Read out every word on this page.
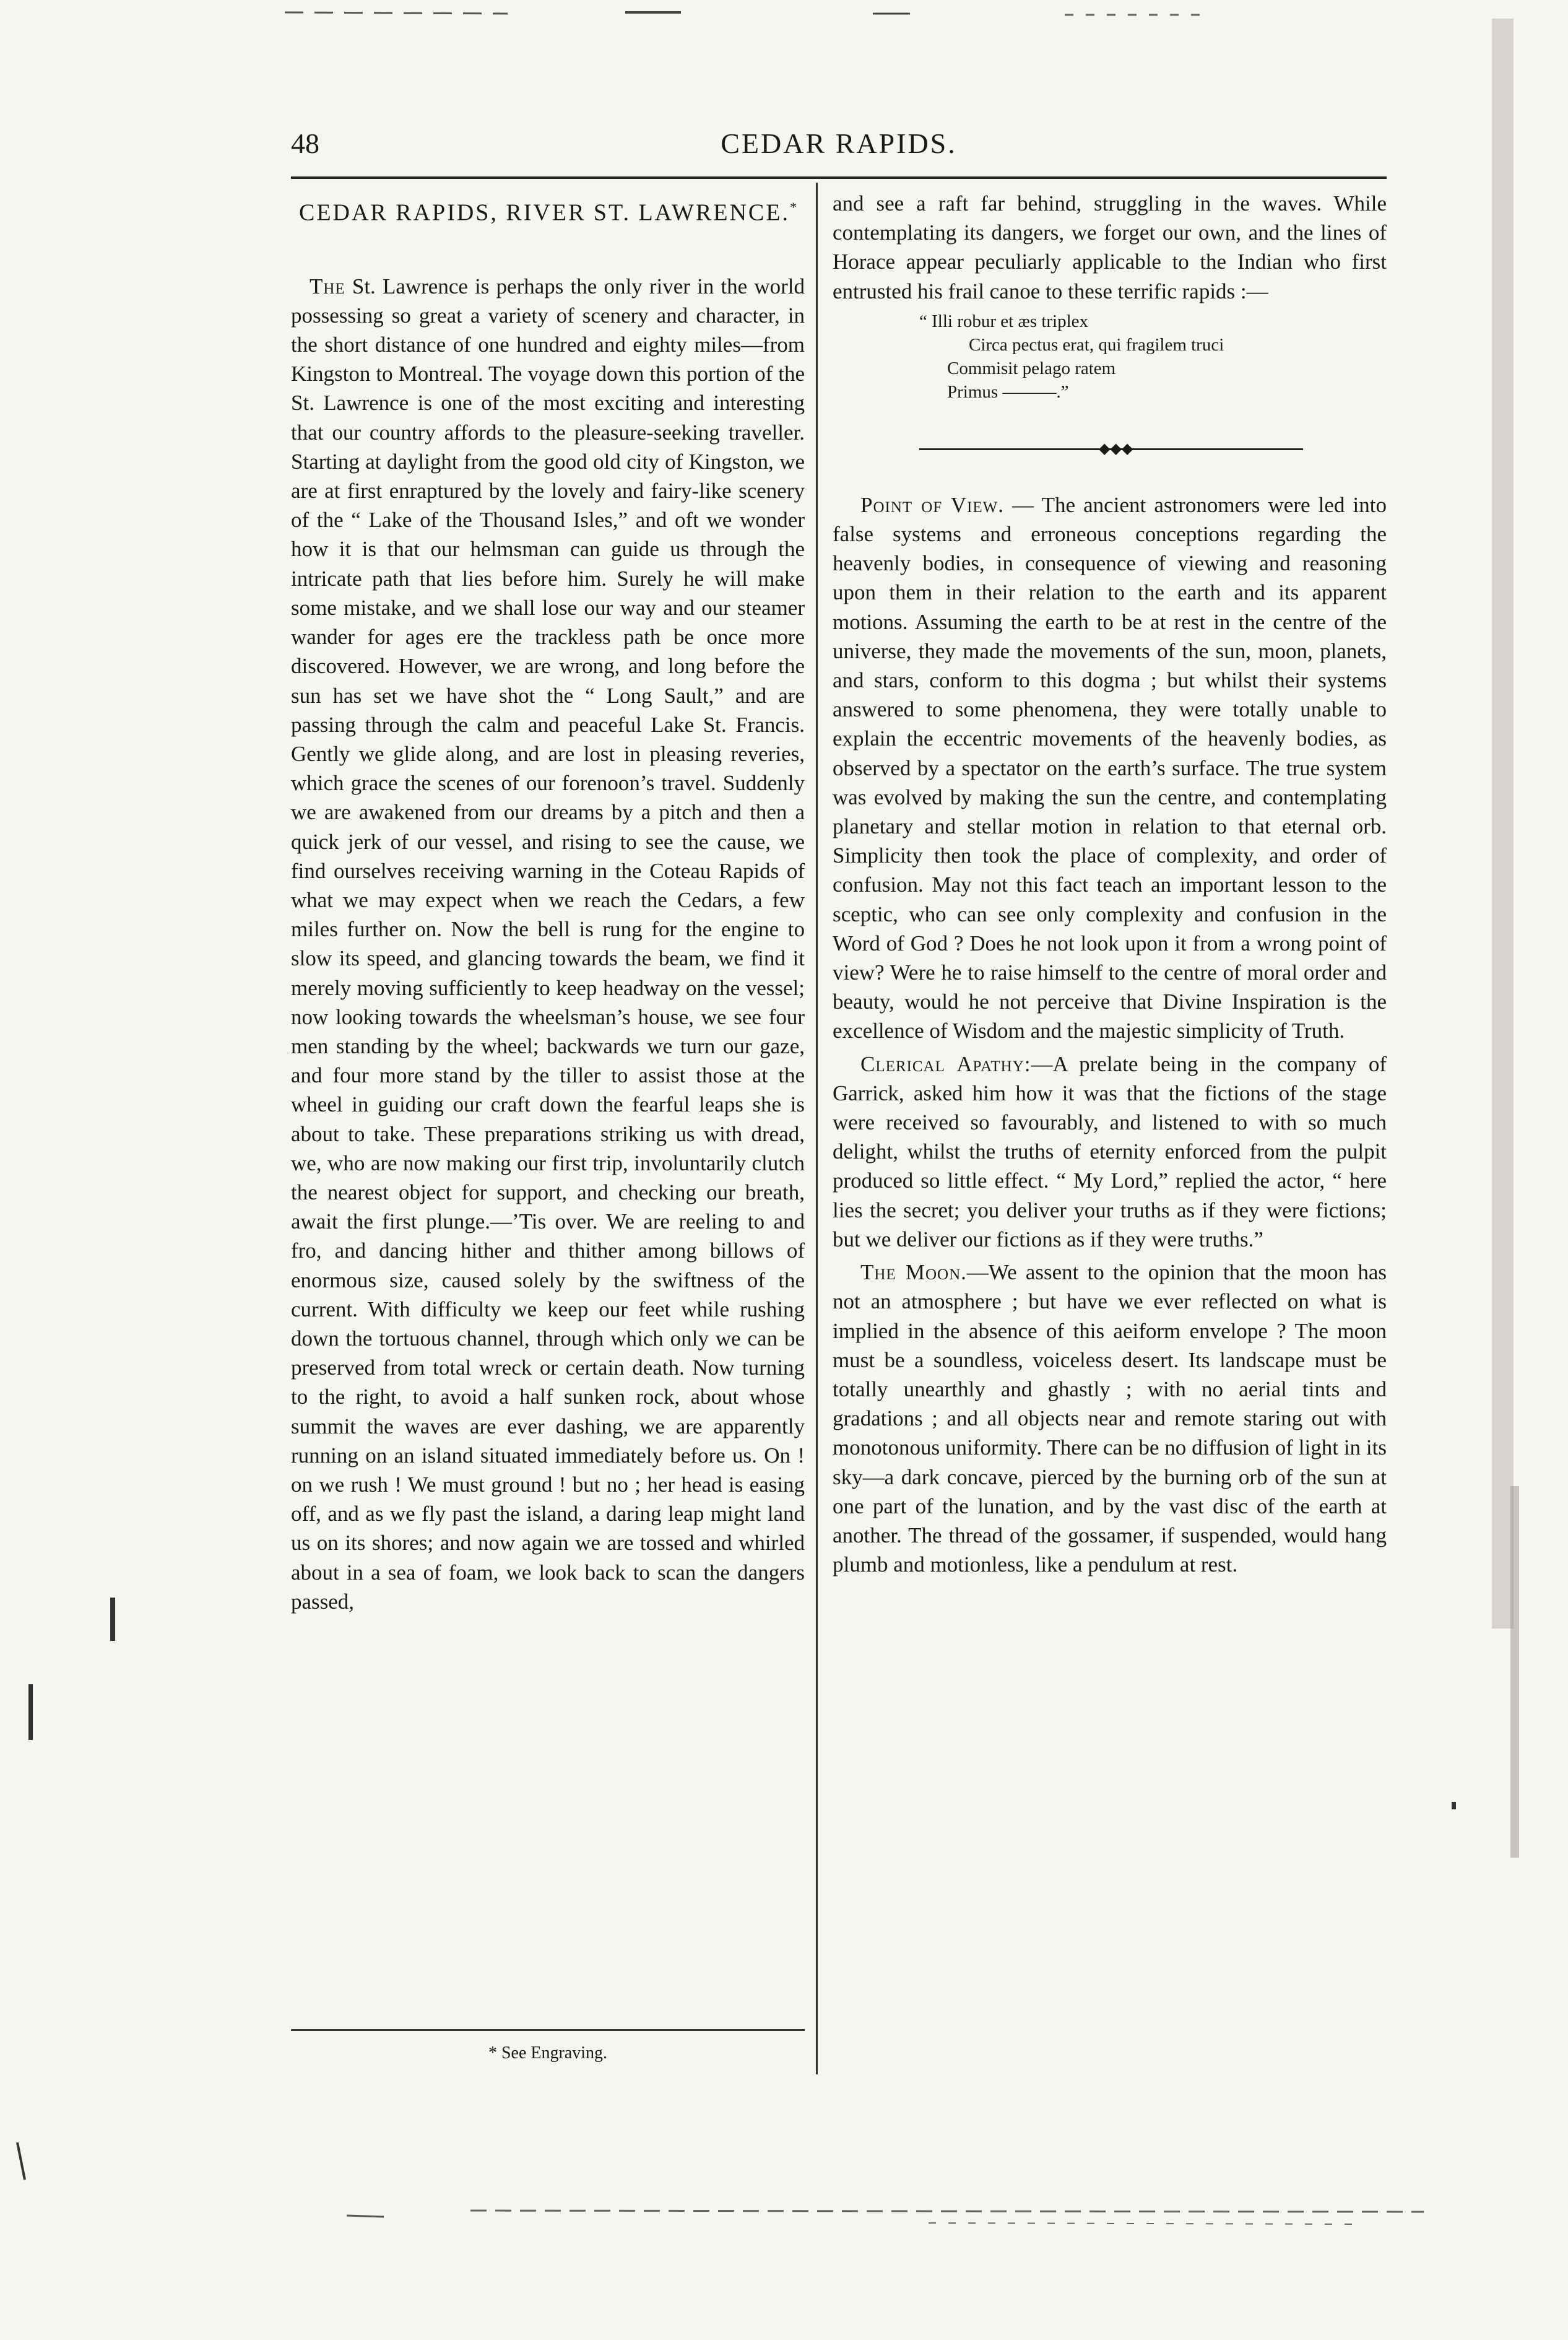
48	CEDAR RAPIDS.
CEDAR RAPIDS, RIVER ST. LAWRENCE.*

The St. Lawrence is perhaps the only river in the world possessing so great a variety of scenery and character, in the short distance of one hundred and eighty miles—from Kingston to Montreal. The voyage down this portion of the St. Lawrence is one of the most exciting and interesting that our country affords to the pleasure-seeking traveller. Starting at daylight from the good old city of Kingston, we are at first enraptured by the lovely and fairy-like scenery of the “ Lake of the Thousand Isles,” and oft we wonder how it is that our helmsman can guide us through the intricate path that lies before him. Surely he will make some mistake, and we shall lose our way and our steamer wander for ages ere the trackless path be once more discovered. However, we are wrong, and long before the sun has set we have shot the “ Long Sault,” and are passing through the calm and peaceful Lake St. Francis. Gently we glide along, and are lost in pleasing reveries, which grace the scenes of our forenoon’s travel. Suddenly we are awakened from our dreams by a pitch and then a quick jerk of our vessel, and rising to see the cause, we find ourselves receiving warning in the Coteau Rapids of what we may expect when we reach the Cedars, a few miles further on. Now the bell is rung for the engine to slow its speed, and glancing towards the beam, we find it merely moving sufficiently to keep headway on the vessel; now looking towards the wheelsman’s house, we see four men standing by the wheel; backwards we turn our gaze, and four more stand by the tiller to assist those at the wheel in guiding our craft down the fearful leaps she is about to take. These preparations striking us with dread, we, who are now making our first trip, involuntarily clutch the nearest object for support, and checking our breath, await the first plunge.—’Tis over. We are reeling to and fro, and dancing hither and thither among billows of enormous size, caused solely by the swiftness of the current. With difficulty we keep our feet while rushing down the tortuous channel, through which only we can be preserved from total wreck or certain death. Now turning to the right, to avoid a half sunken rock, about whose summit the waves are ever dashing, we are apparently running on an island situated immediately before us. On ! on we rush ! We must ground ! but no ; her head is easing off, and as we fly past the island, a daring leap might land us on its shores; and now again we are tossed and whirled about in a sea of foam, we look back to scan the dangers passed,

* See Engraving.

and see a raft far behind, struggling in the waves. While contemplating its dangers, we forget our own, and the lines of Horace appear peculiarly applicable to the Indian who first entrusted his frail canoe to these terrific rapids :—

“ Illi robur et æs triplex
Circa pectus erat, qui fragilem truci
Commisit pelago ratem
Primus ———.”
◆◆◆

Point of View. — The ancient astronomers were led into false systems and erroneous conceptions regarding the heavenly bodies, in consequence of viewing and reasoning upon them in their relation to the earth and its apparent motions. Assuming the earth to be at rest in the centre of the universe, they made the movements of the sun, moon, planets, and stars, conform to this dogma ; but whilst their systems answered to some phenomena, they were totally unable to explain the eccentric movements of the heavenly bodies, as observed by a spectator on the earth’s surface. The true system was evolved by making the sun the centre, and contemplating planetary and stellar motion in relation to that eternal orb. Simplicity then took the place of complexity, and order of confusion. May not this fact teach an important lesson to the sceptic, who can see only complexity and confusion in the Word of God ? Does he not look upon it from a wrong point of view? Were he to raise himself to the centre of moral order and beauty, would he not perceive that Divine Inspiration is the excellence of Wisdom and the majestic simplicity of Truth.

Clerical Apathy:—A prelate being in the company of Garrick, asked him how it was that the fictions of the stage were received so favourably, and listened to with so much delight, whilst the truths of eternity enforced from the pulpit produced so little effect. “ My Lord,” replied the actor, “ here lies the secret; you deliver your truths as if they were fictions; but we deliver our fictions as if they were truths.”

The Moon.—We assent to the opinion that the moon has not an atmosphere ; but have we ever reflected on what is implied in the absence of this aeiform envelope ? The moon must be a soundless, voiceless desert. Its landscape must be totally unearthly and ghastly ; with no aerial tints and gradations ; and all objects near and remote staring out with monotonous uniformity. There can be no diffusion of light in its sky—a dark concave, pierced by the burning orb of the sun at one part of the lunation, and by the vast disc of the earth at another. The thread of the gossamer, if suspended, would hang plumb and motionless, like a pendulum at rest.
